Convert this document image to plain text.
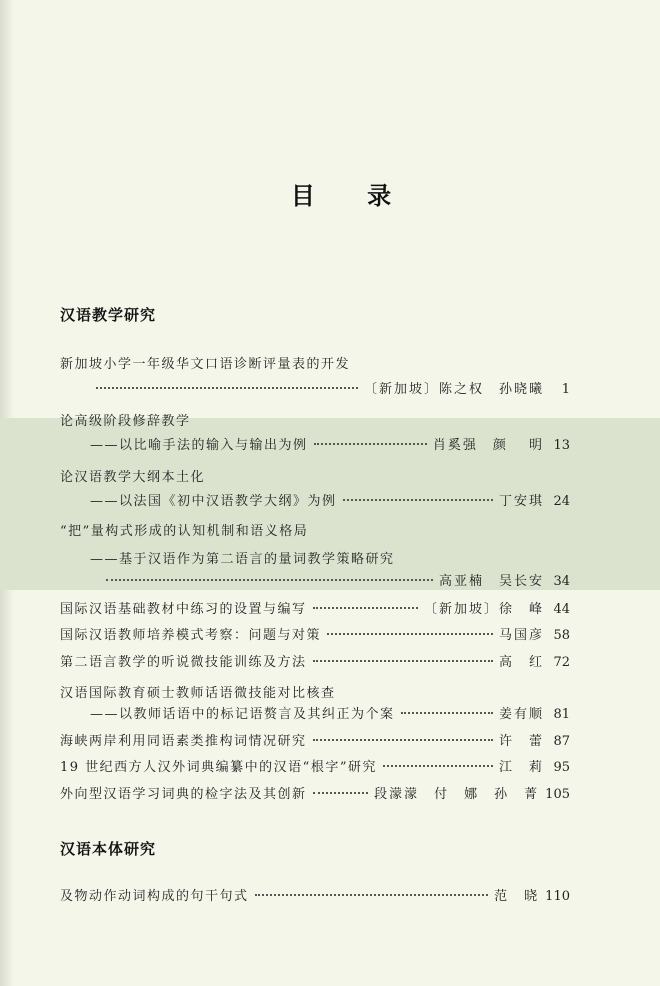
目 录
汉语教学研究
新加坡小学一年级华文口语诊断评量表的开发
〔新加坡〕陈之权　孙晓曦	1
论高级阶段修辞教学
——以比喻手法的输入与输出为例	肖奚强　颜　 明 13
论汉语教学大纲本土化
——以法国《初中汉语教学大纲》为例	丁安琪 24
“把”量构式形成的认知机制和语义格局
——基于汉语作为第二语言的量词教学策略研究
高亚楠　吴长安 34
国际汉语基础教材中练习的设置与编写	〔新加坡〕徐　峰 44
国际汉语教师培养模式考察：问题与对策	马国彦 58
第二语言教学的听说微技能训练及方法	高　红 72
汉语国际教育硕士教师话语微技能对比核查
——以教师话语中的标记语赘言及其纠正为个案	姜有顺 81
海峡两岸利用同语素类推构词情况研究	许　蕾 87
19 世纪西方人汉外词典编纂中的汉语“根字”研究	江　莉 95
外向型汉语学习词典的检字法及其创新	段濛濛　付　娜　孙　菁 105
汉语本体研究
及物动作动词构成的句干句式	范　晓 110
